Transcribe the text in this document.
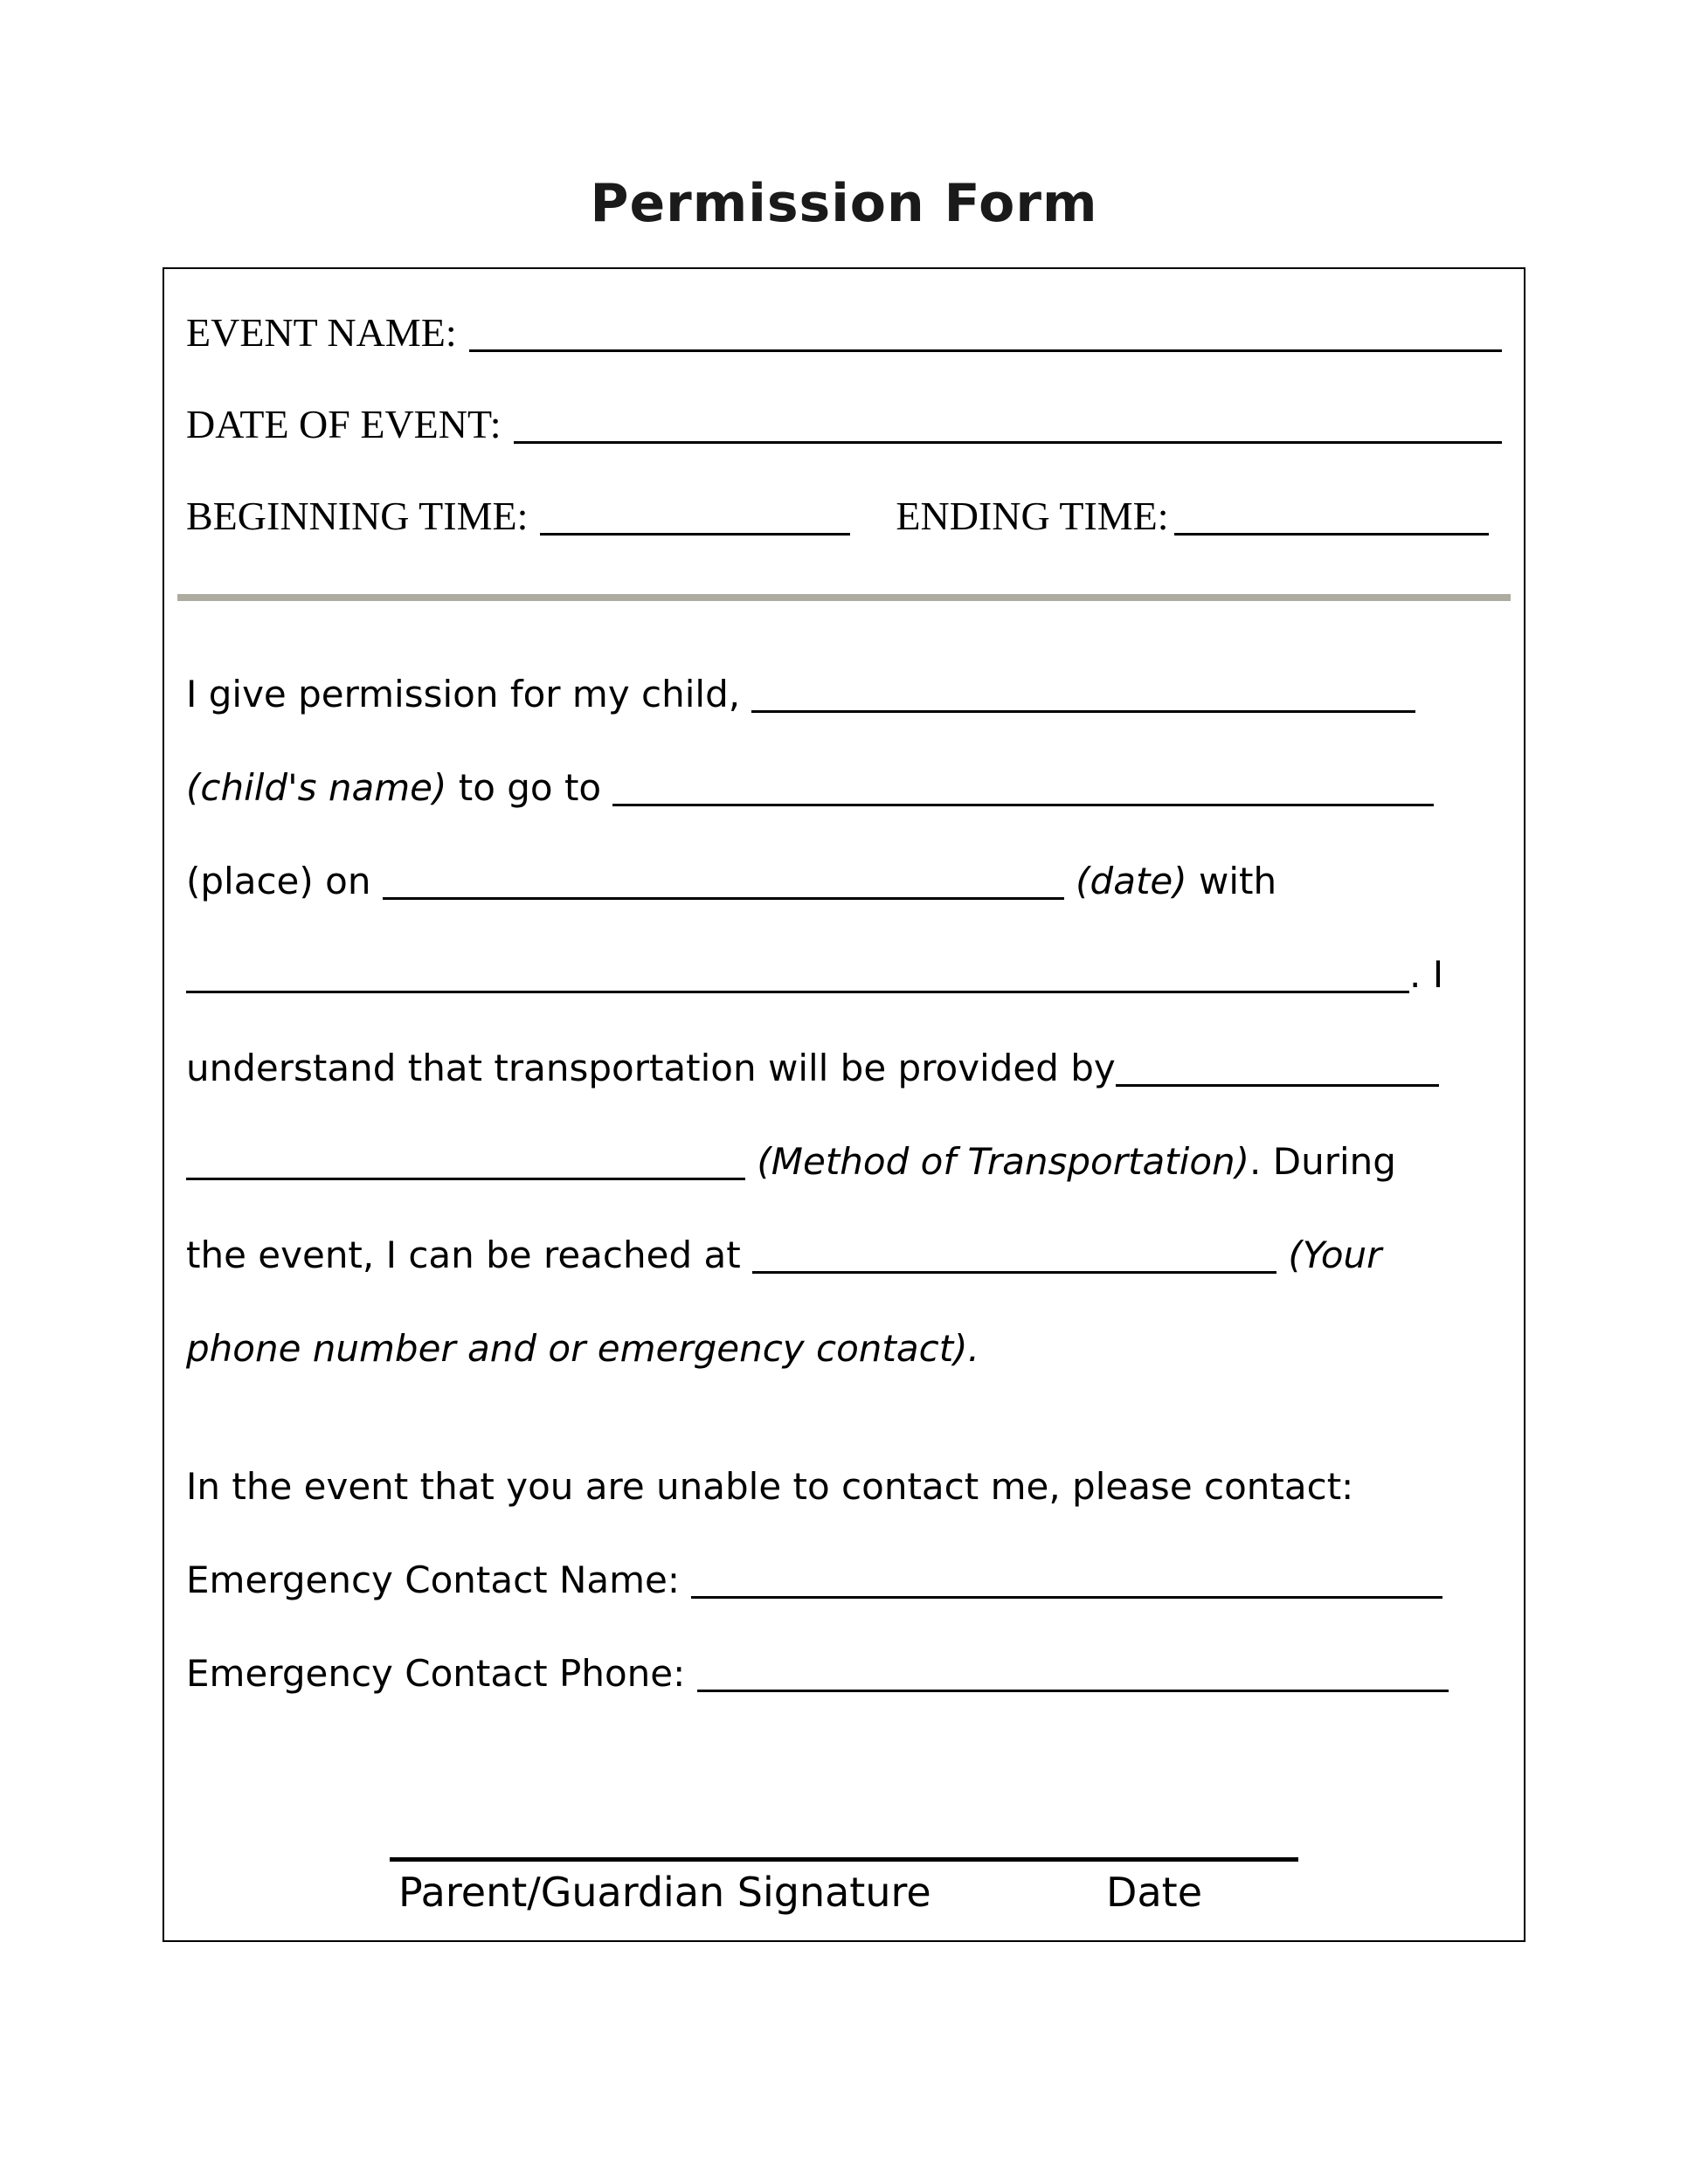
Permission Form
EVENT NAME:
DATE OF EVENT:
BEGINNING TIME:	ENDING TIME:

I give permission for my child,

(child's name) to go to

(place) on	(date) with

. I

understand that transportation will be provided by

(Method of Transportation). During

the event, I can be reached at	(Your

phone number and or emergency contact).

In the event that you are unable to contact me, please contact:

Emergency Contact Name:

Emergency Contact Phone:

Parent/Guardian Signature	Date
